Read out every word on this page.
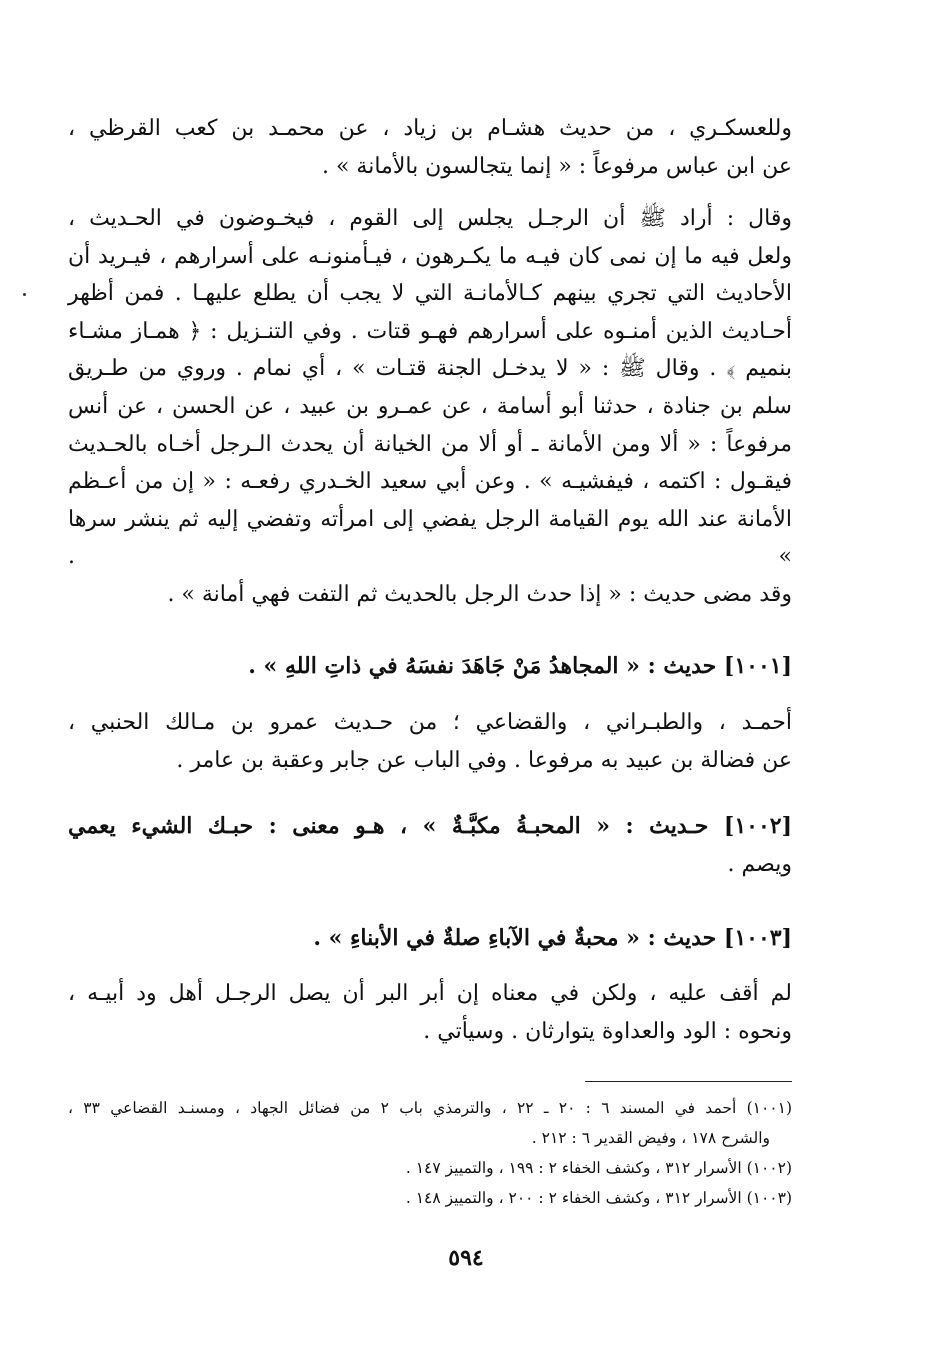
وللعسكـري ، من حديث هشـام بن زياد ، عن محمـد بن كعب القرظي ،
عن ابن عباس مرفوعاً : « إنما يتجالسون بالأمانة » .
وقال : أراد ﷺ أن الرجـل يجلس إلى القوم ، فيخـوضون في الحـديث ،
ولعل فيه ما إن نمى كان فيـه ما يكـرهون ، فيـأمنونـه على أسرارهم ، فيـريد أن
الأحاديث التي تجري بينهم كـالأمانـة التي لا يجب أن يطلع عليهـا . فمن أظهر
أحـاديث الذين أمنـوه على أسرارهم فهـو قتات . وفي التنـزيل : ﴿ همـاز مشـاء
بنميم ﴾ . وقال ﷺ : « لا يدخـل الجنة قتـات » ، أي نمام . وروي من طـريق
سلم بن جنادة ، حدثنا أبو أسامة ، عن عمـرو بن عبيد ، عن الحسن ، عن أنس
مرفوعاً : « ألا ومن الأمانة ـ أو ألا من الخيانة أن يحدث الـرجل أخـاه بالحـديث
فيقـول : اكتمه ، فيفشيـه » . وعن أبي سعيد الخـدري رفعـه : « إن من أعـظم
الأمانة عند الله يوم القيامة الرجل يفضي إلى امرأته وتفضي إليه ثم ينشر سرها » .
وقد مضى حديث : « إذا حدث الرجل بالحديث ثم التفت فهي أمانة » .

[١٠٠١] حديث : « المجاهدُ مَنْ جَاهَدَ نفسَهُ في ذاتِ اللهِ » .

أحمـد ، والطبـراني ، والقضاعي ؛ من حـديث عمرو بن مـالك الحنبي ،
عن فضالة بن عبيد به مرفوعا . وفي الباب عن جابر وعقبة بن عامر .
[١٠٠٢] حـديث : « المحبـةُ مكبَّـةٌ » ، هـو معنى : حبـك الشيء يعمي
ويصم .

[١٠٠٣] حديث : « محبةٌ في الآباءِ صلةٌ في الأبناءِ » .

لم أقف عليه ، ولكن في معناه إن أبر البر أن يصل الرجـل أهل ود أبيـه ،
ونحوه : الود والعداوة يتوارثان . وسيأتي .
(١٠٠١) أحمد في المسند ٦ : ٢٠ ـ ٢٢ ، والترمذي باب ٢ من فضائل الجهاد ، ومسنـد القضاعي ٣٣ ،
والشرح ١٧٨ ، وفيض القدير ٦ : ٢١٢ .
(١٠٠٢) الأسرار ٣١٢ ، وكشف الخفاء ٢ : ١٩٩ ، والتمييز ١٤٧ .
(١٠٠٣) الأسرار ٣١٢ ، وكشف الخفاء ٢ : ٢٠٠ ، والتمييز ١٤٨ .
٥٩٤
